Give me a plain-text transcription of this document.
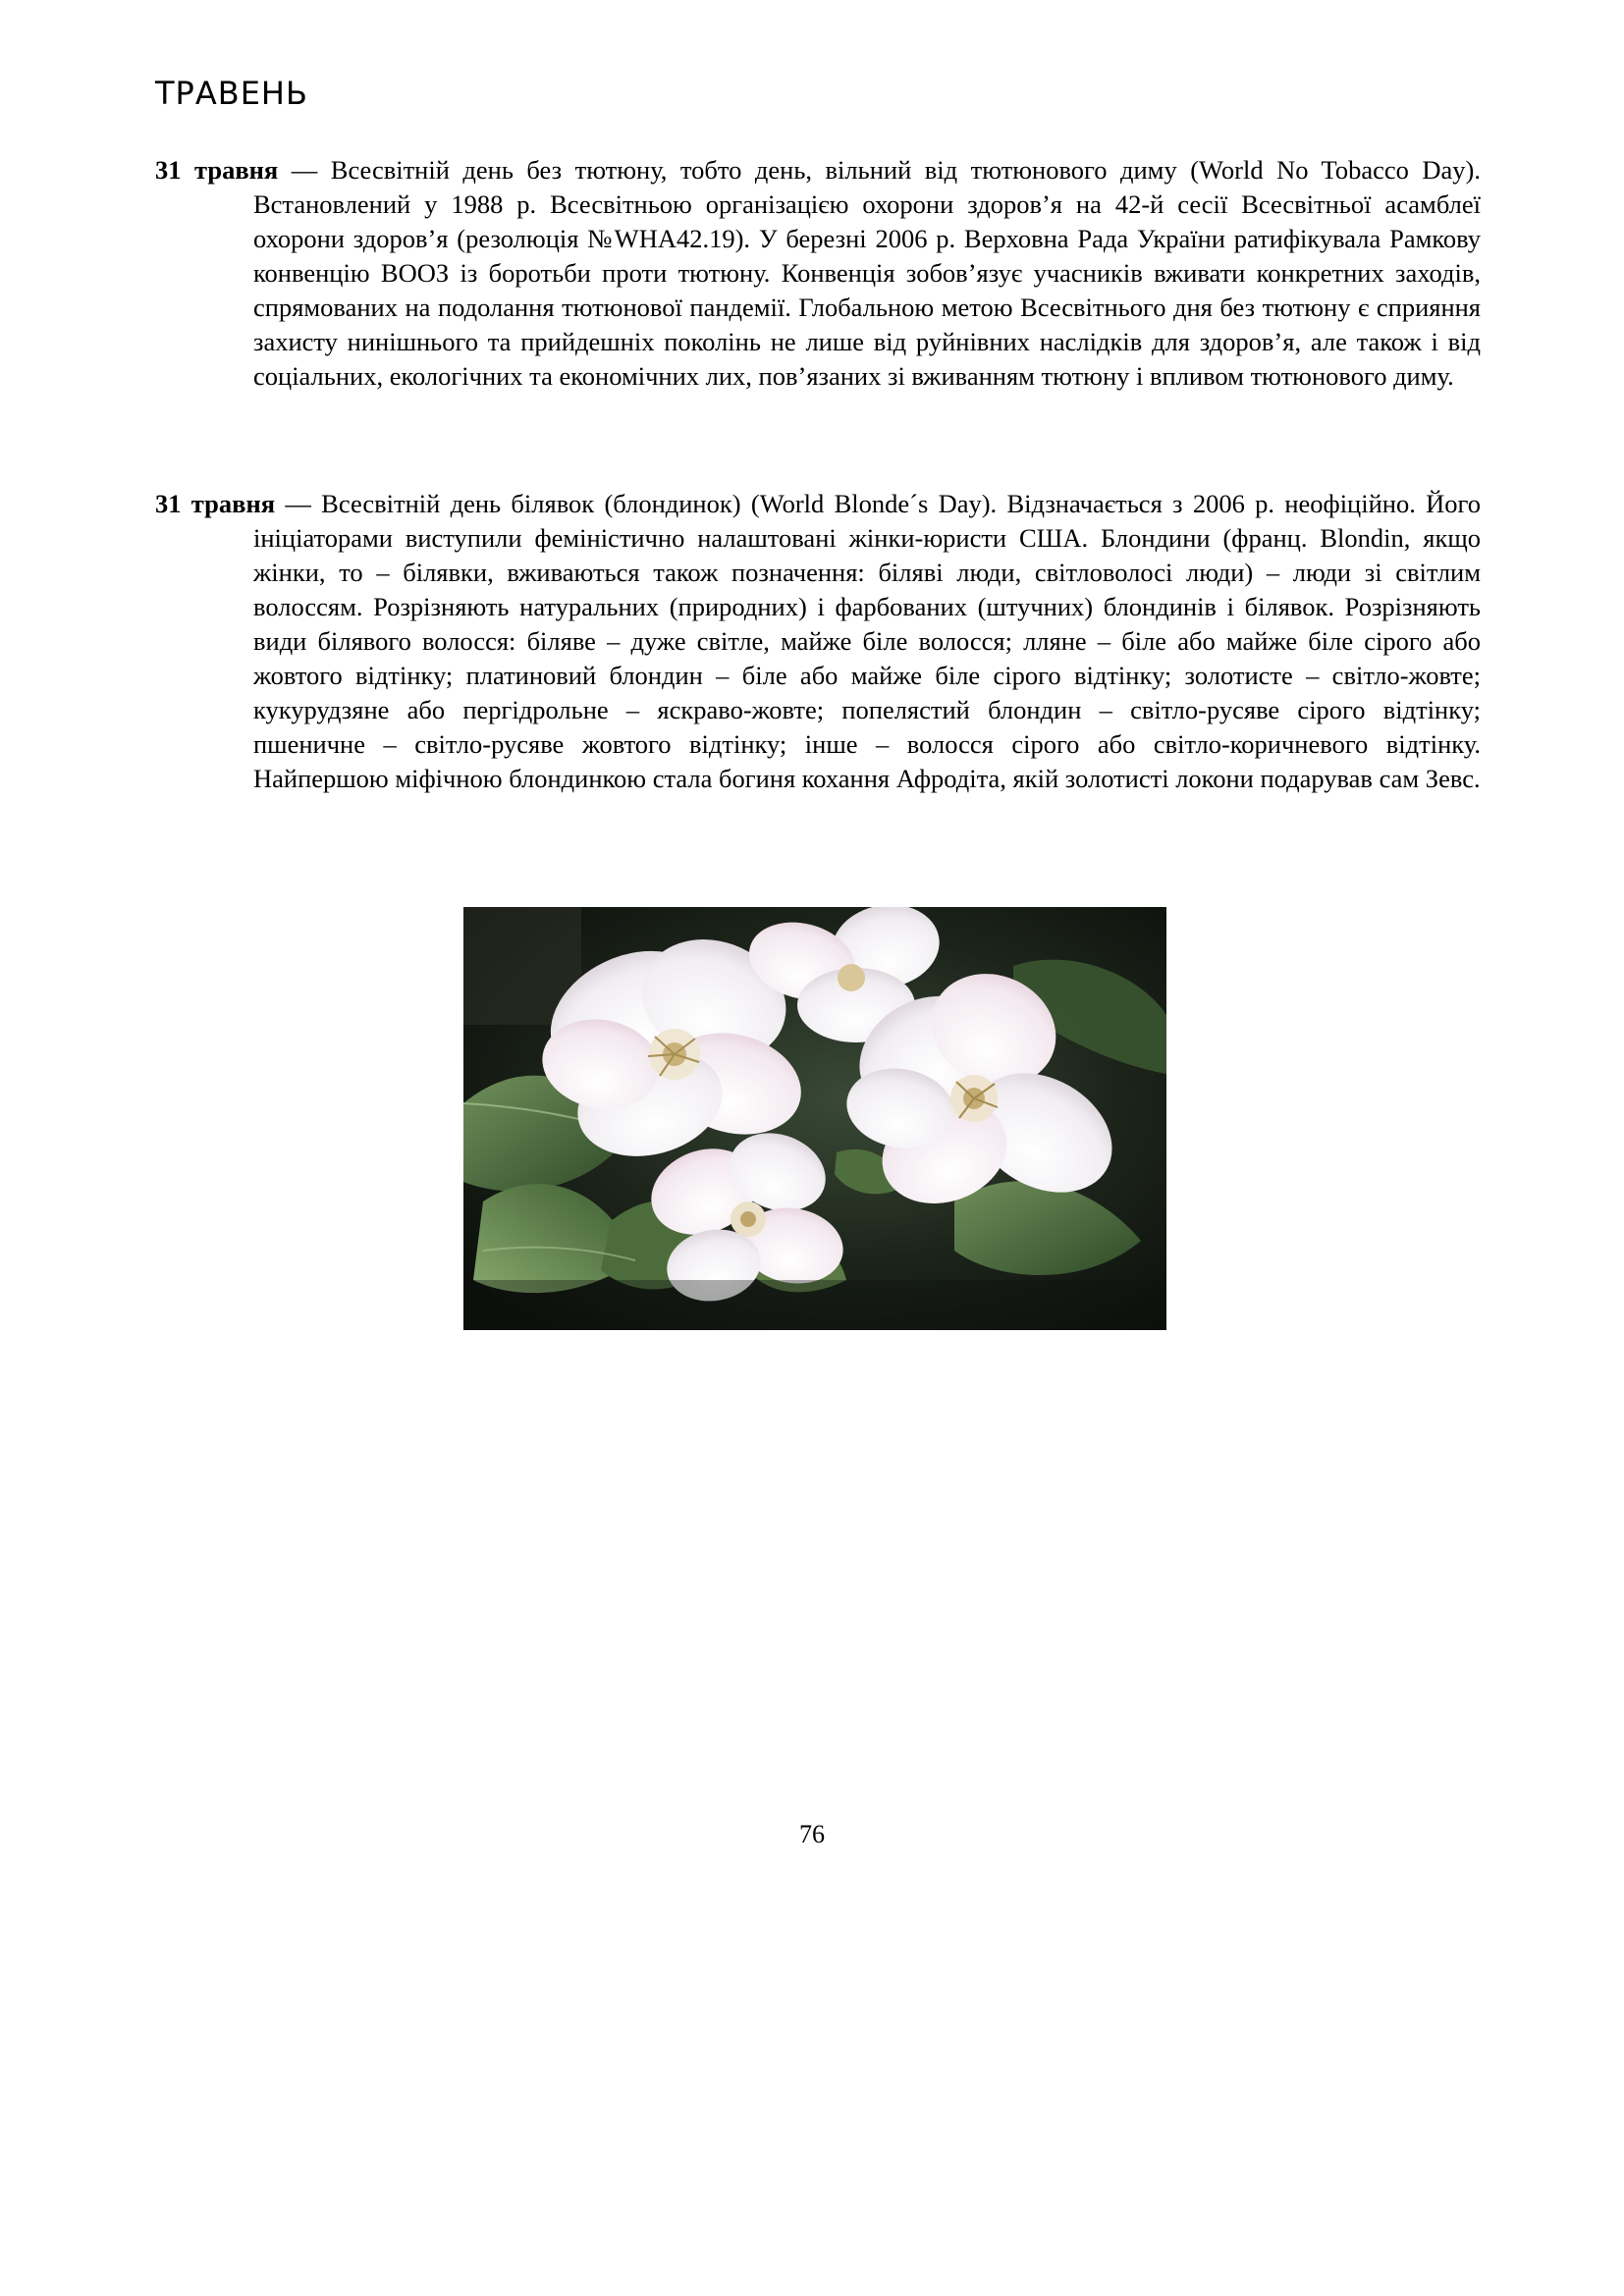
ТРАВЕНЬ

31 травня — Всесвітній день без тютюну, тобто день, вільний від тютюнового диму (World No Tobacco Day). Встановлений у 1988 р. Всесвітньою організацією охорони здоров’я на 42-й сесії Всесвітньої асамблеї охорони здоров’я (резолюція №WHA42.19). У березні 2006 р. Верховна Рада України ратифікувала Рамкову конвенцію ВООЗ із боротьби проти тютюну. Конвенція зобов’язує учасників вживати конкретних заходів, спрямованих на подолання тютюнової пандемії. Глобальною метою Всесвітнього дня без тютюну є сприяння захисту нинішнього та прийдешніх поколінь не лише від руйнівних наслідків для здоров’я, але також і від соціальних, екологічних та економічних лих, пов’язаних зі вживанням тютюну і впливом тютюнового диму.

31 травня — Всесвітній день білявок (блондинок) (World Blonde´s Day). Відзначається з 2006 р. неофіційно. Його ініціаторами виступили феміністично налаштовані жінки-юристи США. Блондини (франц. Blondin, якщо жінки, то – білявки, вживаються також позначення: біляві люди, світловолосі люди) – люди зі світлим волоссям. Розрізняють натуральних (природних) і фарбованих (штучних) блондинів і білявок. Розрізняють види білявого волосся: біляве – дуже світле, майже біле волосся; лляне – біле або майже біле сірого або жовтого відтінку; платиновий блондин – біле або майже біле сірого відтінку; золотисте – світло-жовте; кукурудзяне або пергідрольне – яскраво-жовте; попелястий блондин – світло-русяве сірого відтінку; пшеничне – світло-русяве жовтого відтінку; інше – волосся сірого або світло-коричневого відтінку. Найпершою міфічною блондинкою стала богиня кохання Афродіта, якій золотисті локони подарував сам Зевс.

76
